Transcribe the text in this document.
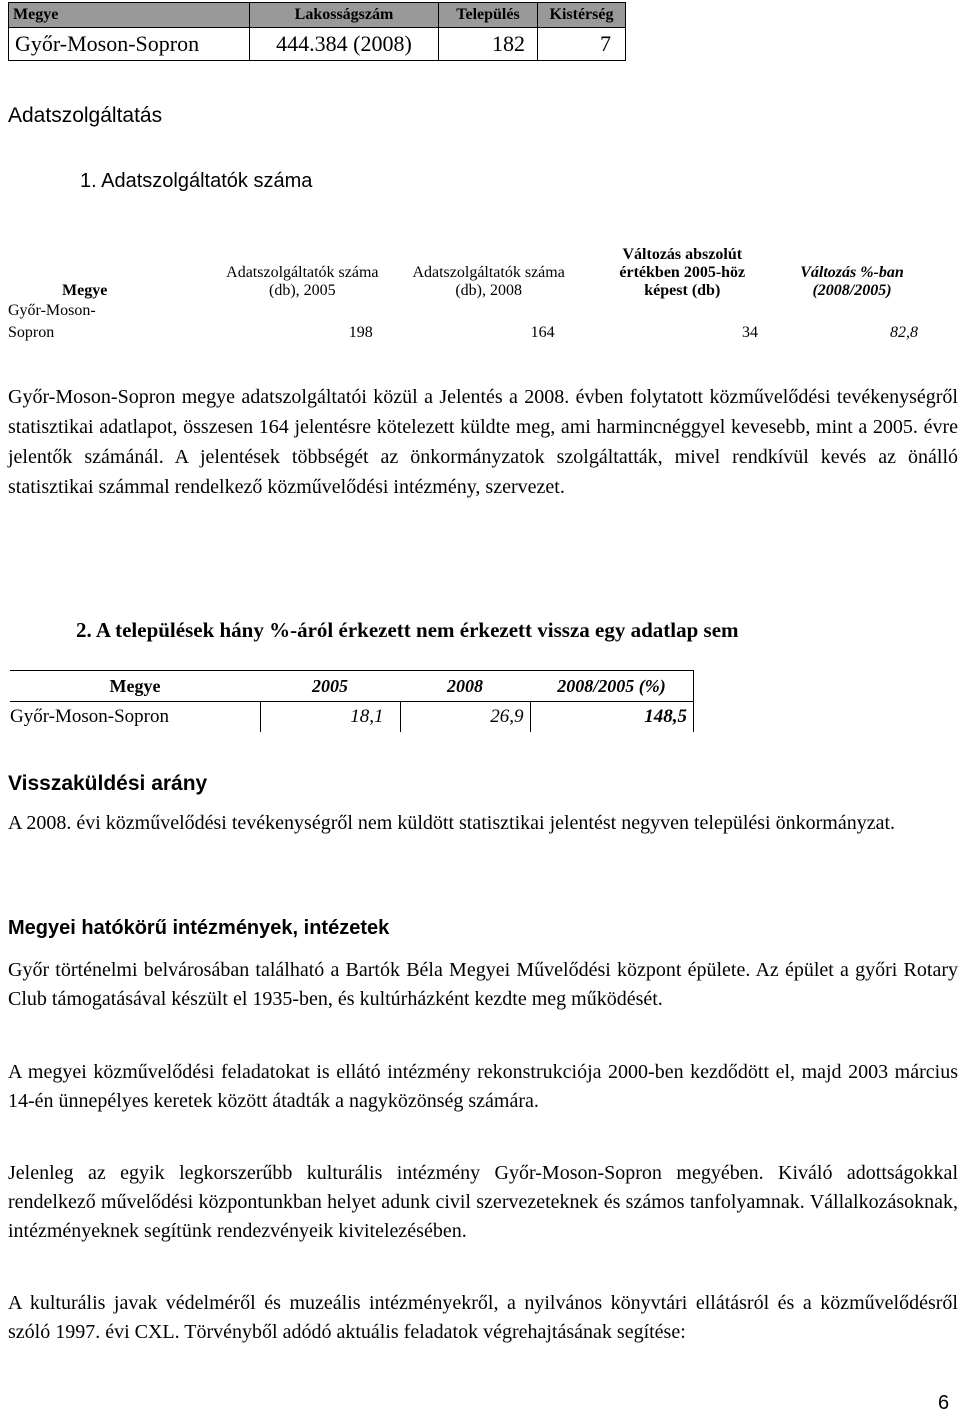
Megye	Lakosságszám	Település	Kistérség
Győr-Moson-Sopron	444.384 (2008)	182	7
Adatszolgáltatás
1. Adatszolgáltatók száma
Megye	Adatszolgáltatók száma (db), 2005	Adatszolgáltatók száma (db), 2008	Változás abszolút értékben 2005-höz képest (db)	Változás %-ban (2008/2005)

Győr-Moson-
Sopron	198	164	34	82,8
Győr-Moson-Sopron megye adatszolgáltatói közül a Jelentés a 2008. évben folytatott közművelődési tevékenységről statisztikai adatlapot, összesen 164 jelentésre kötelezett küldte meg, ami harmincnéggyel kevesebb, mint a 2005. évre jelentők számánál. A jelentések többségét az önkormányzatok szolgáltatták, mivel rendkívül kevés az önálló statisztikai számmal rendelkező közművelődési intézmény, szervezet.
2. A települések hány %-áról érkezett nem érkezett vissza egy adatlap sem
Megye	2005	2008	2008/2005 (%)
Győr-Moson-Sopron	18,1	26,9	148,5
Visszaküldési arány
A 2008. évi közművelődési tevékenységről nem küldött statisztikai jelentést negyven települési önkormányzat.
Megyei hatókörű intézmények, intézetek
Győr történelmi belvárosában található a Bartók Béla Megyei Művelődési központ épülete. Az épület a győri Rotary Club támogatásával készült el 1935-ben, és kultúrházként kezdte meg működését.
A megyei közművelődési feladatokat is ellátó intézmény rekonstrukciója 2000-ben kezdődött el, majd 2003 március 14-én ünnepélyes keretek között átadták a nagyközönség számára.
Jelenleg az egyik legkorszerűbb kulturális intézmény Győr-Moson-Sopron megyében. Kiváló adottságokkal rendelkező művelődési központunkban helyet adunk civil szervezeteknek és számos tanfolyamnak. Vállalkozásoknak, intézményeknek segítünk rendezvényeik kivitelezésében.
A kulturális javak védelméről és muzeális intézményekről, a nyilvános könyvtári ellátásról és a közművelődésről szóló 1997. évi CXL. Törvényből adódó aktuális feladatok végrehajtásának segítése:
6
